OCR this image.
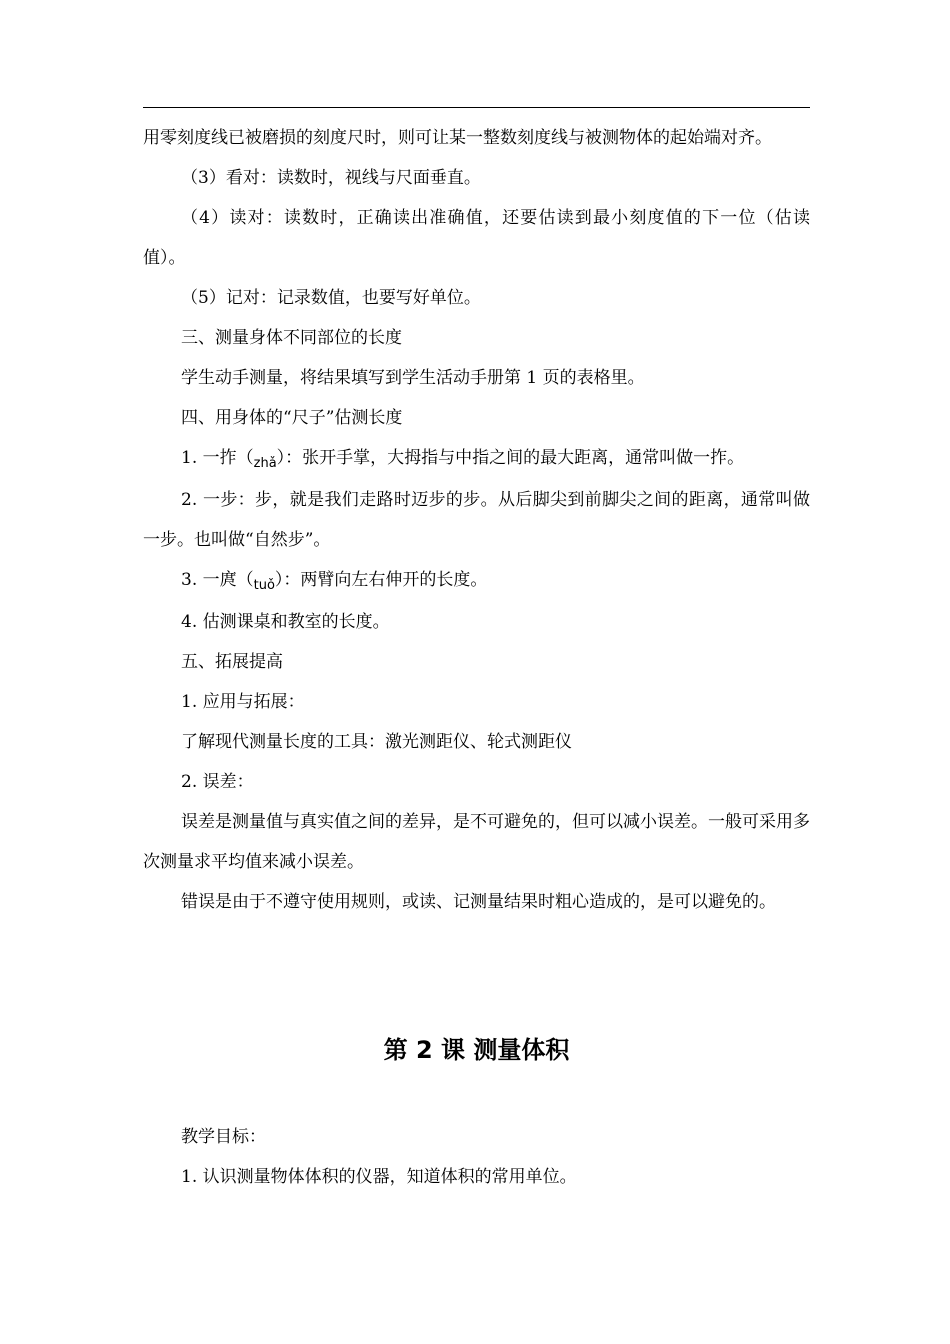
用零刻度线已被磨损的刻度尺时，则可让某一整数刻度线与被测物体的起始端对齐。

（3）看对：读数时，视线与尺面垂直。

（4）读对：读数时，正确读出准确值，还要估读到最小刻度值的下一位（估读值）。

（5）记对：记录数值，也要写好单位。

三、测量身体不同部位的长度

学生动手测量，将结果填写到学生活动手册第 1 页的表格里。

四、用身体的“尺子”估测长度

1. 一拃$(_{zhǎ})$：张开手掌，大拇指与中指之间的最大距离，通常叫做一拃。

2. 一步：步，就是我们走路时迈步的步。从后脚尖到前脚尖之间的距离，通常叫做一步。也叫做“自然步”。

3. 一庹$(_{tuǒ})$：两臂向左右伸开的长度。

4. 估测课桌和教室的长度。

五、拓展提高

1. 应用与拓展：

了解现代测量长度的工具：激光测距仪、轮式测距仪

2. 误差：

误差是测量值与真实值之间的差异，是不可避免的，但可以减小误差。一般可采用多次测量求平均值来减小误差。

错误是由于不遵守使用规则，或读、记测量结果时粗心造成的，是可以避免的。

第 2 课 测量体积

教学目标：

1. 认识测量物体体积的仪器，知道体积的常用单位。
